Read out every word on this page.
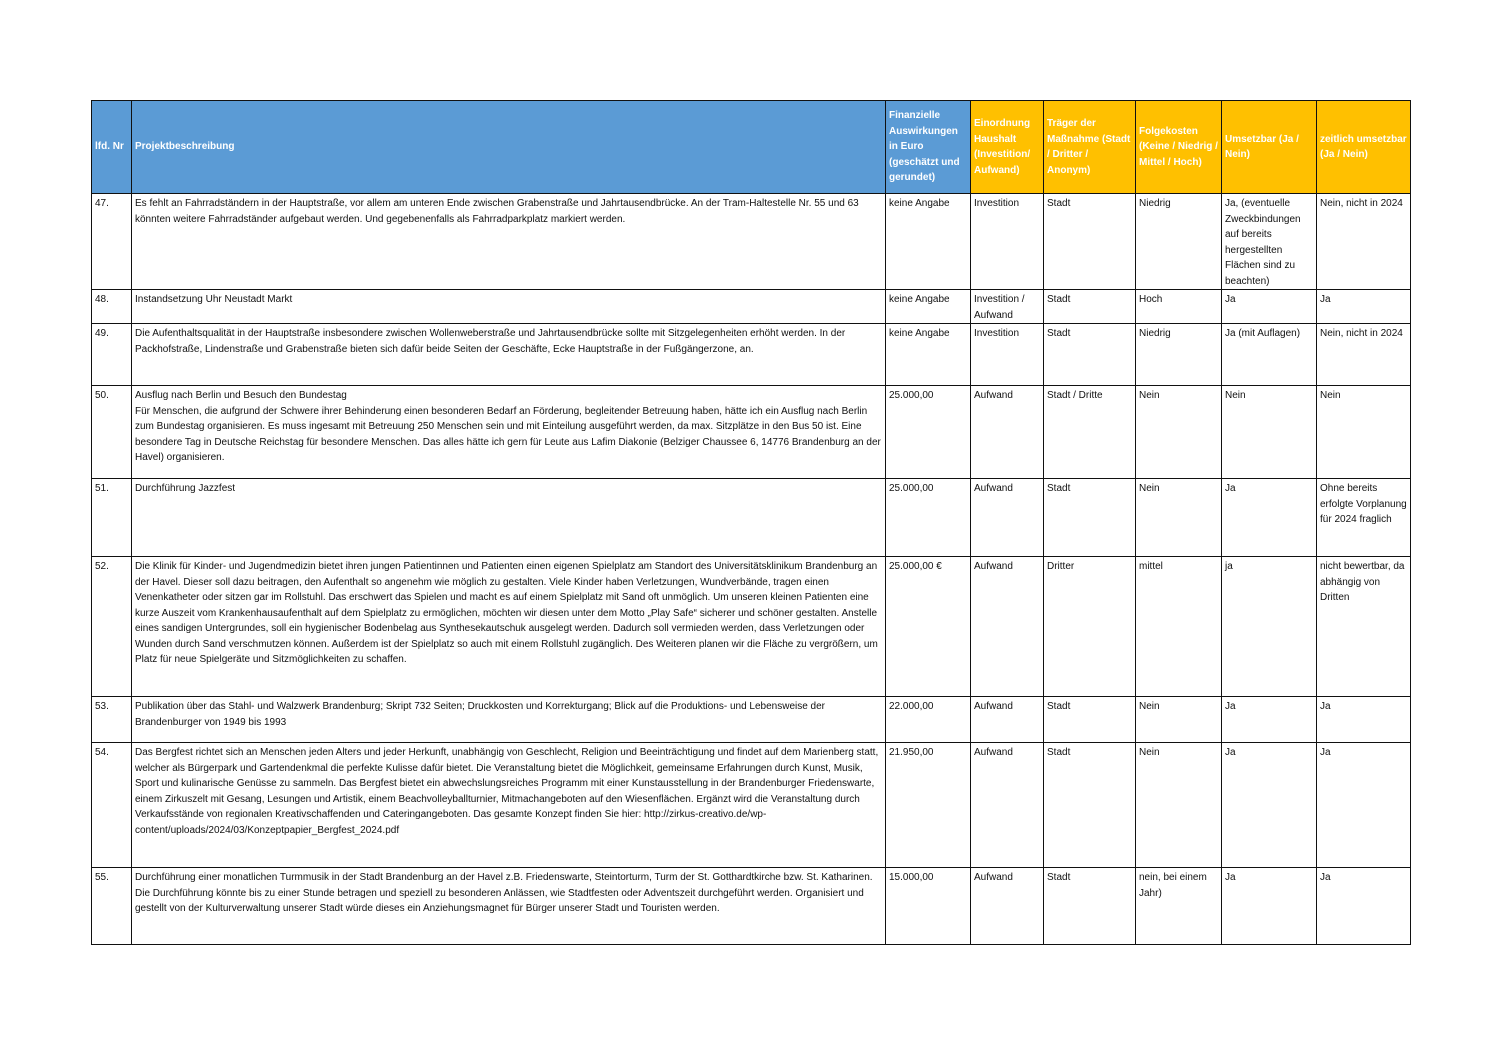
lfd. Nr	Projektbeschreibung	Finanzielle Auswirkungen in Euro (geschätzt und gerundet)	Einordnung Haushalt (Investition/ Aufwand)	Träger der Maßnahme (Stadt / Dritter / Anonym)	Folgekosten (Keine / Niedrig / Mittel / Hoch)	Umsetzbar (Ja / Nein)	zeitlich umsetzbar (Ja / Nein)
47.	Es fehlt an Fahrradständern in der Hauptstraße, vor allem am unteren Ende zwischen Grabenstraße und Jahrtausendbrücke. An der Tram-Haltestelle Nr. 55 und 63 könnten weitere Fahrradständer aufgebaut werden. Und gegebenenfalls als Fahrradparkplatz markiert werden.	keine Angabe	Investition	Stadt	Niedrig	Ja, (eventuelle Zweckbindungen auf bereits hergestellten Flächen sind zu beachten)	Nein, nicht in 2024
48.	Instandsetzung Uhr Neustadt Markt	keine Angabe	Investition / Aufwand	Stadt	Hoch	Ja	Ja
49.	Die Aufenthaltsqualität in der Hauptstraße insbesondere zwischen Wollenweberstraße und Jahrtausendbrücke sollte mit Sitzgelegenheiten erhöht werden. In der Packhofstraße, Lindenstraße und Grabenstraße bieten sich dafür beide Seiten der Geschäfte, Ecke Hauptstraße in der Fußgängerzone, an.	keine Angabe	Investition	Stadt	Niedrig	Ja (mit Auflagen)	Nein, nicht in 2024
50.	Ausflug nach Berlin und Besuch den Bundestag
Für Menschen, die aufgrund der Schwere ihrer Behinderung einen besonderen Bedarf an Förderung, begleitender Betreuung haben, hätte ich ein Ausflug nach Berlin zum Bundestag organisieren. Es muss ingesamt mit Betreuung 250 Menschen sein und mit Einteilung ausgeführt werden, da max. Sitzplätze in den Bus 50 ist. Eine besondere Tag in Deutsche Reichstag für besondere Menschen. Das alles hätte ich gern für Leute aus Lafim Diakonie (Belziger Chaussee 6, 14776 Brandenburg an der Havel) organisieren.	25.000,00	Aufwand	Stadt / Dritte	Nein	Nein	Nein
51.	Durchführung Jazzfest	25.000,00	Aufwand	Stadt	Nein	Ja	Ohne bereits erfolgte Vorplanung für 2024 fraglich
52.	Die Klinik für Kinder- und Jugendmedizin bietet ihren jungen Patientinnen und Patienten einen eigenen Spielplatz am Standort des Universitätsklinikum Brandenburg an der Havel. Dieser soll dazu beitragen, den Aufenthalt so angenehm wie möglich zu gestalten. Viele Kinder haben Verletzungen, Wundverbände, tragen einen Venenkatheter oder sitzen gar im Rollstuhl. Das erschwert das Spielen und macht es auf einem Spielplatz mit Sand oft unmöglich. Um unseren kleinen Patienten eine kurze Auszeit vom Krankenhausaufenthalt auf dem Spielplatz zu ermöglichen, möchten wir diesen unter dem Motto „Play Safe“ sicherer und schöner gestalten. Anstelle eines sandigen Untergrundes, soll ein hygienischer Bodenbelag aus Synthesekautschuk ausgelegt werden. Dadurch soll vermieden werden, dass Verletzungen oder Wunden durch Sand verschmutzen können. Außerdem ist der Spielplatz so auch mit einem Rollstuhl zugänglich. Des Weiteren planen wir die Fläche zu vergrößern, um Platz für neue Spielgeräte und Sitzmöglichkeiten zu schaffen.	25.000,00 €	Aufwand	Dritter	mittel	ja	nicht bewertbar, da abhängig von Dritten
53.	Publikation über das Stahl- und Walzwerk Brandenburg; Skript 732 Seiten; Druckkosten und Korrekturgang; Blick auf die Produktions- und Lebensweise der Brandenburger von 1949 bis 1993	22.000,00	Aufwand	Stadt	Nein	Ja	Ja
54.	Das Bergfest richtet sich an Menschen jeden Alters und jeder Herkunft, unabhängig von Geschlecht, Religion und Beeinträchtigung und findet auf dem Marienberg statt, welcher als Bürgerpark und Gartendenkmal die perfekte Kulisse dafür bietet. Die Veranstaltung bietet die Möglichkeit, gemeinsame Erfahrungen durch Kunst, Musik, Sport und kulinarische Genüsse zu sammeln. Das Bergfest bietet ein abwechslungsreiches Programm mit einer Kunstausstellung in der Brandenburger Friedenswarte, einem Zirkuszelt mit Gesang, Lesungen und Artistik, einem Beachvolleyballturnier, Mitmachangeboten auf den Wiesenflächen. Ergänzt wird die Veranstaltung durch Verkaufsstände von regionalen Kreativschaffenden und Cateringangeboten. Das gesamte Konzept finden Sie hier: http://zirkus-creativo.de/wp-content/uploads/2024/03/Konzeptpapier_Bergfest_2024.pdf	21.950,00	Aufwand	Stadt	Nein	Ja	Ja
55.	Durchführung einer monatlichen Turmmusik in der Stadt Brandenburg an der Havel z.B. Friedenswarte, Steintorturm, Turm der St. Gotthardtkirche bzw. St. Katharinen. Die Durchführung könnte bis zu einer Stunde betragen und speziell zu besonderen Anlässen, wie Stadtfesten oder Adventszeit durchgeführt werden. Organisiert und gestellt von der Kulturverwaltung unserer Stadt würde dieses ein Anziehungsmagnet für Bürger unserer Stadt und Touristen werden.	15.000,00	Aufwand	Stadt	nein, bei einem Jahr)	Ja	Ja
